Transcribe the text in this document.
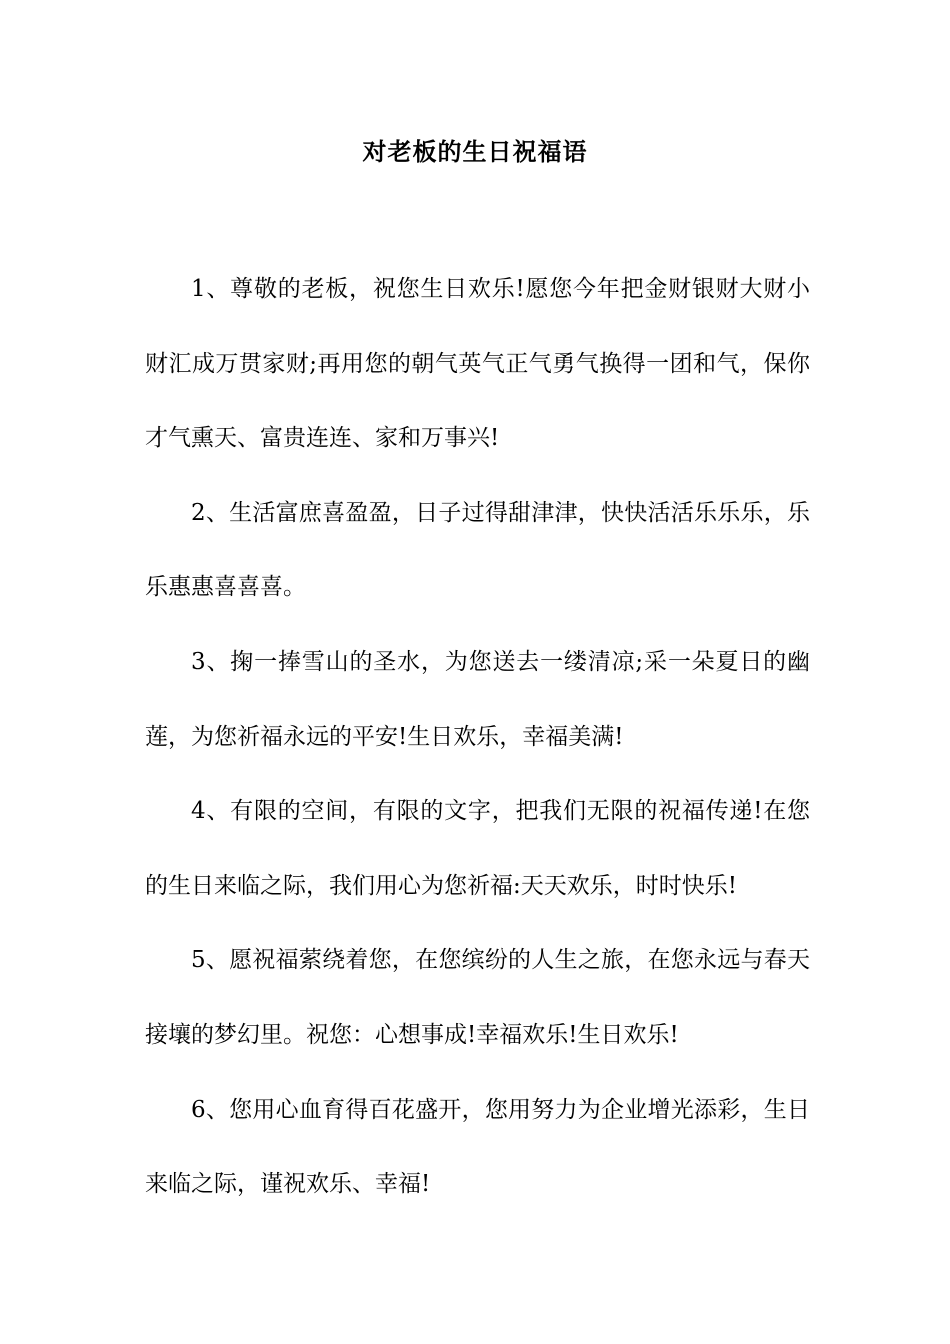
对老板的生日祝福语

1、尊敬的老板，祝您生日欢乐!愿您今年把金财银财大财小财汇成万贯家财;再用您的朝气英气正气勇气换得一团和气，保你才气熏天、富贵连连、家和万事兴!

2、生活富庶喜盈盈，日子过得甜津津，快快活活乐乐乐，乐乐惠惠喜喜喜。

3、掬一捧雪山的圣水，为您送去一缕清凉;采一朵夏日的幽莲，为您祈福永远的平安!生日欢乐，幸福美满!

4、有限的空间，有限的文字，把我们无限的祝福传递!在您的生日来临之际，我们用心为您祈福:天天欢乐，时时快乐!

5、愿祝福萦绕着您，在您缤纷的人生之旅，在您永远与春天接壤的梦幻里。祝您：心想事成!幸福欢乐!生日欢乐!

6、您用心血育得百花盛开，您用努力为企业增光添彩，生日来临之际，谨祝欢乐、幸福!
